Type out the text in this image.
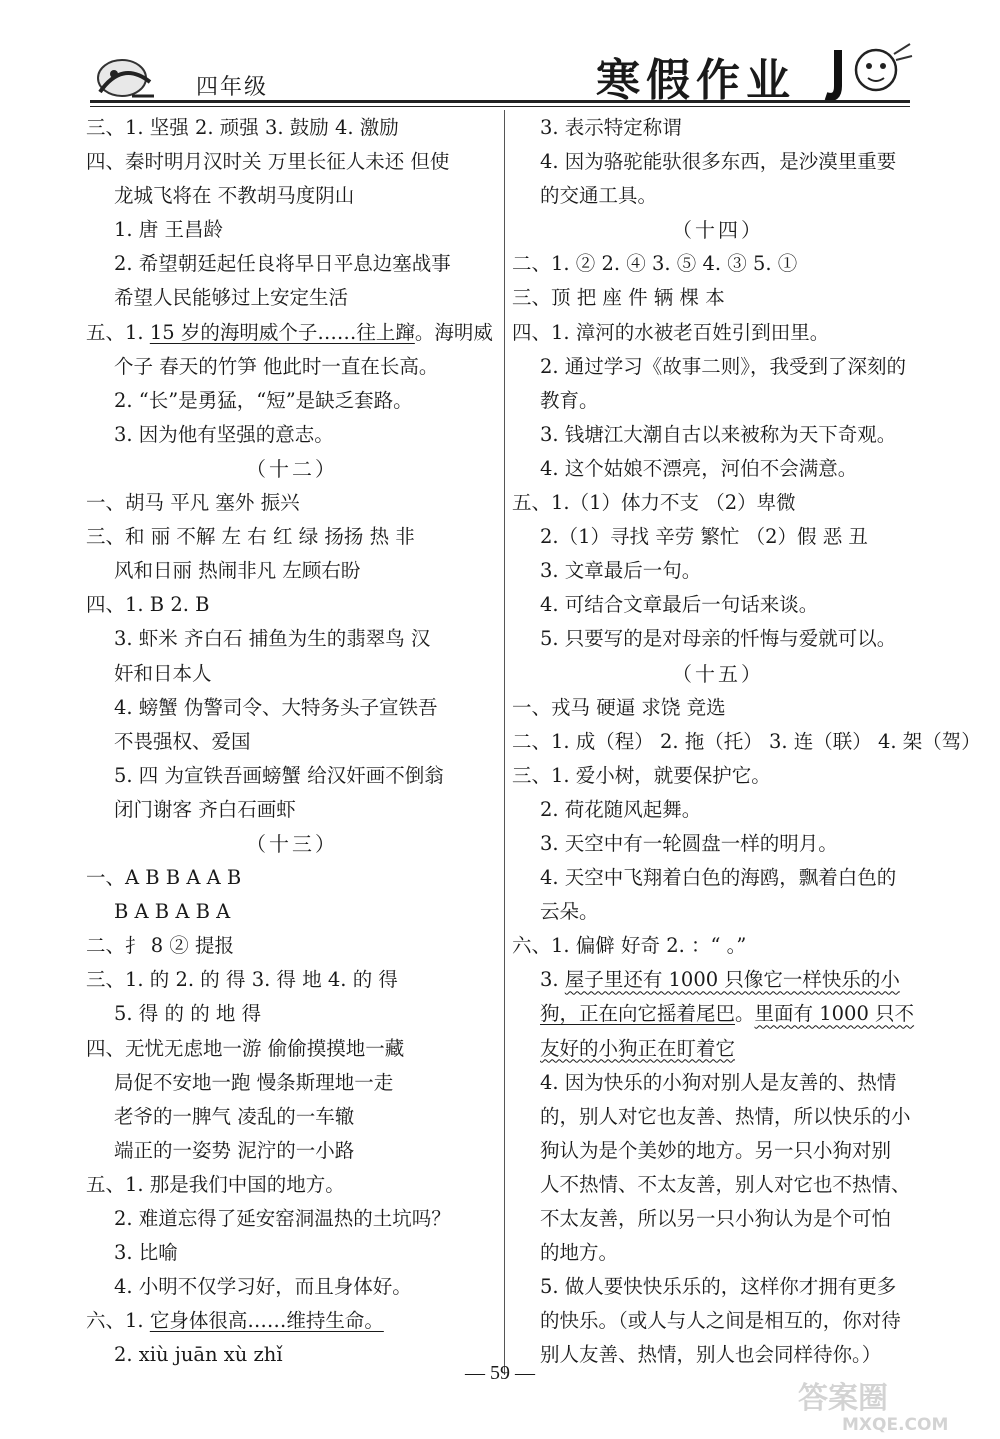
四年级	寒假作业
三、1. 坚强 2. 顽强 3. 鼓励 4. 激励
四、秦时明月汉时关 万里长征人未还 但使
龙城飞将在 不教胡马度阴山
1. 唐 王昌龄
2. 希望朝廷起任良将早日平息边塞战事
希望人民能够过上安定生活
五、1. 15 岁的海明威个子……往上蹿。海明威
个子 春天的竹笋 他此时一直在长高。
2. “长”是勇猛，“短”是缺乏套路。
3. 因为他有坚强的意志。
（十二）
一、胡马 平凡 塞外 振兴
三、和 丽 不解 左 右 红 绿 扬扬 热 非
风和日丽 热闹非凡 左顾右盼
四、1. B 2. B
3. 虾米 齐白石 捕鱼为生的翡翠鸟 汉
奸和日本人
4. 螃蟹 伪警司令、大特务头子宣铁吾
不畏强权、爱国
5. 四 为宣铁吾画螃蟹 给汉奸画不倒翁
闭门谢客 齐白石画虾
（十三）
一、A B B A A B
B A B A B A
二、扌 8 ② 提报
三、1. 的 2. 的 得 3. 得 地 4. 的 得
5. 得 的 的 地 得
四、无忧无虑地一游 偷偷摸摸地一藏
局促不安地一跑 慢条斯理地一走
老爷的一脾气 凌乱的一车辙
端正的一姿势 泥泞的一小路
五、1. 那是我们中国的地方。
2. 难道忘得了延安窑洞温热的土坑吗？
3. 比喻
4. 小明不仅学习好，而且身体好。
六、1. 它身体很高……维持生命。
2. xiù juān xù zhǐ
3. 表示特定称谓
4. 因为骆驼能驮很多东西，是沙漠里重要
的交通工具。
（十四）
二、1. ② 2. ④ 3. ⑤ 4. ③ 5. ①
三、顶 把 座 件 辆 棵 本
四、1. 漳河的水被老百姓引到田里。
2. 通过学习《故事二则》，我受到了深刻的
教育。
3. 钱塘江大潮自古以来被称为天下奇观。
4. 这个姑娘不漂亮，河伯不会满意。
五、1.（1）体力不支 （2）卑微
2.（1）寻找 辛劳 繁忙 （2）假 恶 丑
3. 文章最后一句。
4. 可结合文章最后一句话来谈。
5. 只要写的是对母亲的忏悔与爱就可以。
（十五）
一、戎马 硬逼 求饶 竞选
二、1. 成（程） 2. 拖（托） 3. 连（联） 4. 架（驾）
三、1. 爱小树，就要保护它。
2. 荷花随风起舞。
3. 天空中有一轮圆盘一样的明月。
4. 天空中飞翔着白色的海鸥，飘着白色的
云朵。
六、1. 偏僻 好奇 2. ：“ 。”
3. 屋子里还有 1000 只像它一样快乐的小
狗，正在向它摇着尾巴。里面有 1000 只不
友好的小狗正在盯着它
4. 因为快乐的小狗对别人是友善的、热情
的，别人对它也友善、热情，所以快乐的小
狗认为是个美妙的地方。另一只小狗对别
人不热情、不太友善，别人对它也不热情、
不太友善，所以另一只小狗认为是个可怕
的地方。
5. 做人要快快乐乐的，这样你才拥有更多
的快乐。（或人与人之间是相互的，你对待
别人友善、热情，别人也会同样待你。）
— 59 —
答案圈
MXQE.COM
